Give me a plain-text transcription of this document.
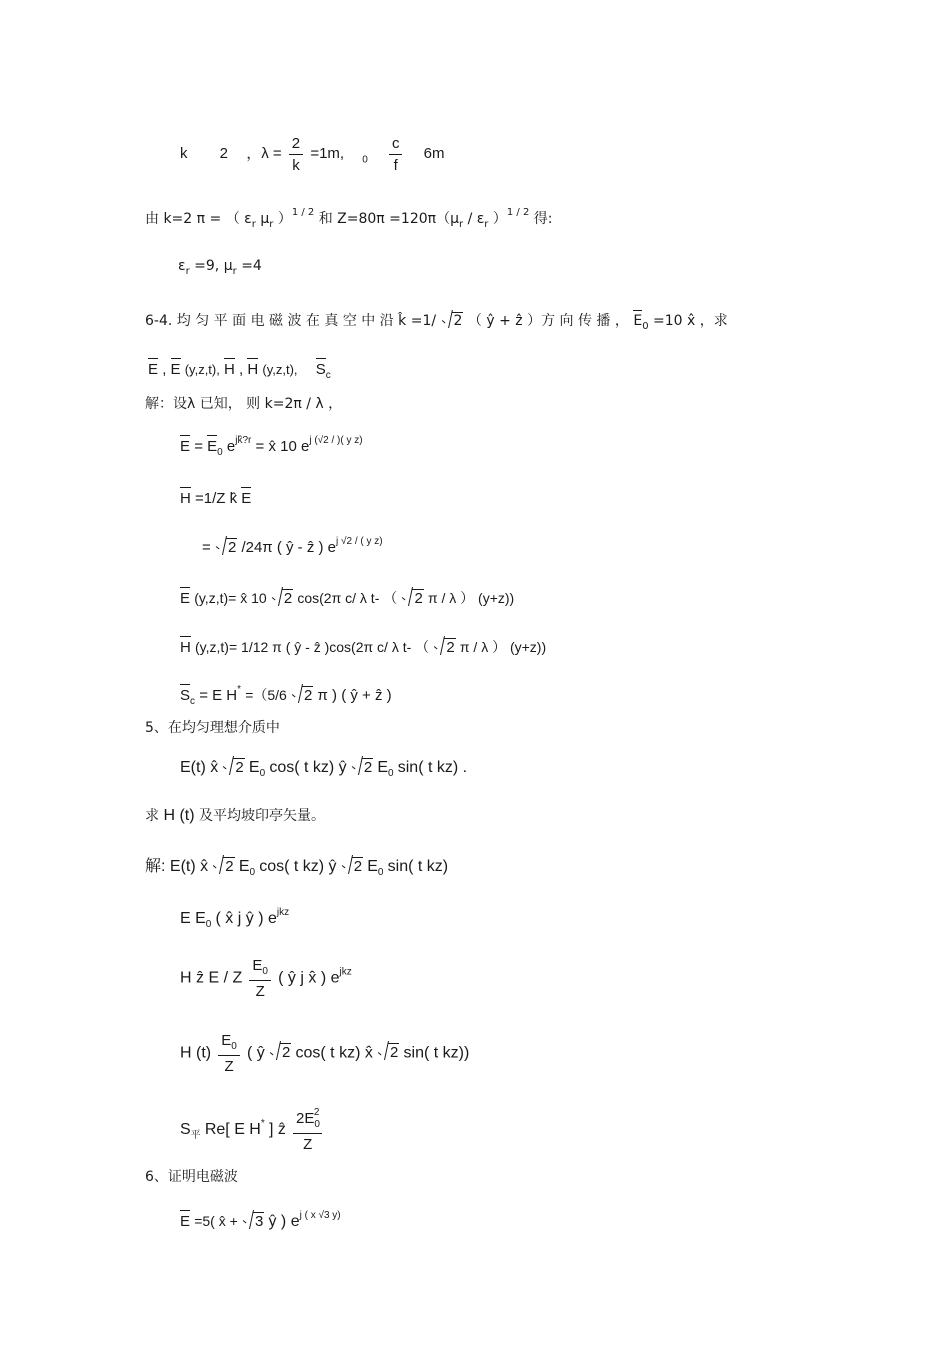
k 2 ，$\lambda = \frac{2}{k} =1m$, $_0 \frac{c}{f} 6m$
由 k=2 π = （ $\varepsilon_r$ $\mu_r$ ）$^{1 / 2}$ 和 $Z=80\pi =120\pi(\mu_r / \varepsilon_r$ ）$^{1 / 2}$ 得:
$\varepsilon_r =9$, $\mu_r =4$
6-4. 均 匀 平 面 电 磁 波 在 真 空 中 沿 k̂ =1/ 2 （ ŷ + ẑ ）方 向 传 播 ， $E_0 =10$ x̂ ，求
E , E (y,z,t), H , H (y,z,t), $S_c$
解：设λ 已知， 则 k=2π / λ ，
$E = E_0$ $e^{jk̂?r}$ = x̂ 10 $e^{j (√2 / )( y z)}$
H =1/Z k̂ E
= 2 /24π ( ŷ - ẑ ) $e^{j √2 / ( y z)}$
E (y,z,t)= x̂ 10 2 cos(2π c/ λ t- （ 2 π / λ ） (y+z))
H (y,z,t)= 1/12 π ( ŷ - ẑ )cos(2π c/ λ t- （ 2 π / λ ） (y+z))
$S_c = E$ H* =（5/6 2 π ) ( ŷ + ẑ )
5、在均匀理想介质中
E(t) x̂ 2 $E_0$ cos( t kz) ŷ 2 $E_0$ sin( t kz) .
求 H (t) 及平均坡印亭矢量。
解: E(t) x̂ 2 $E_0$ cos( t kz) ŷ 2 $E_0$ sin( t kz)
E $E_0$ ( x̂ j ŷ ) $e^{jkz}$
H ẑ E / Z $\frac{E_0}{Z}$ ( ŷ j x̂ ) $e^{jkz}$
H $(t) \frac{E_0}{Z}$ ( ŷ 2 cos( t kz) x̂ 2 sin( t kz))
$S_平$ Re[ E H* ] ẑ $\frac{2E_0^2}{Z}$
6、证明电磁波
E =5( x̂ + 3 ŷ ) $e^{j ( x √3 y)}$
